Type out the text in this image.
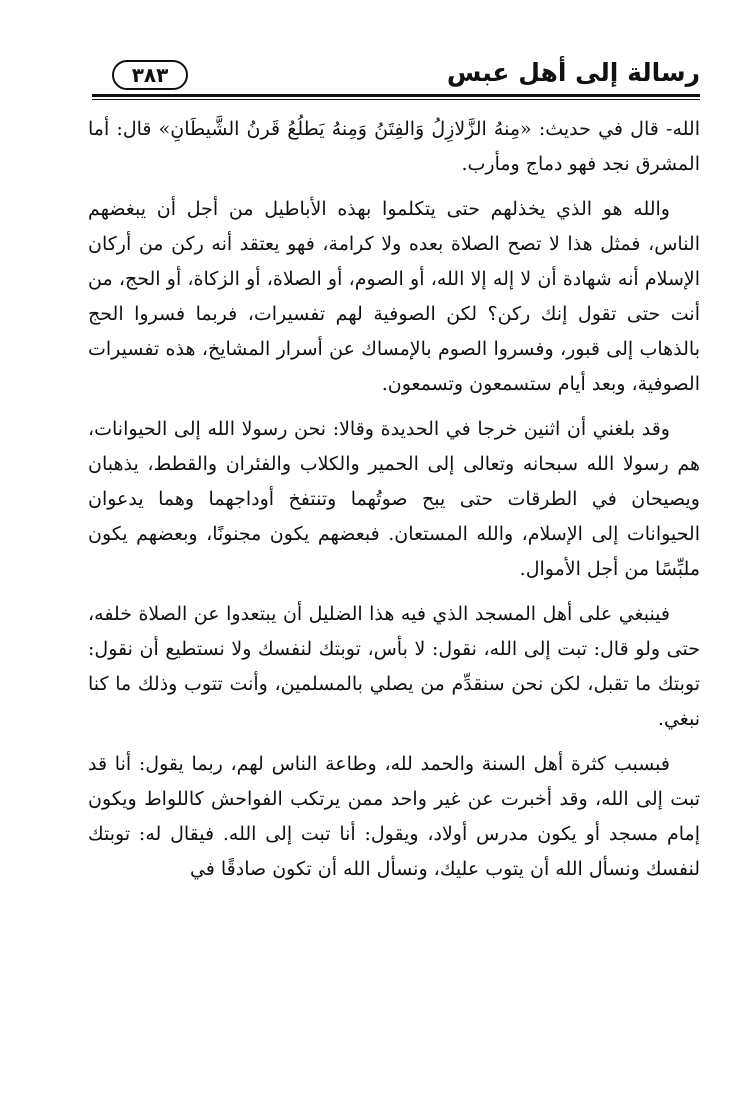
٣٨٣	رسالة إلى أهل عبس

الله- قال في حديث: «مِنهُ الزَّلازِلُ وَالفِتَنُ وَمِنهُ يَطلُعُ قَرنُ الشَّيطَانِ» قال: أما المشرق نجد فهو دماج ومأرب.

والله هو الذي يخذلهم حتى يتكلموا بهذه الأباطيل من أجل أن يبغضهم الناس، فمثل هذا لا تصح الصلاة بعده ولا كرامة، فهو يعتقد أنه ركن من أركان الإسلام أنه شهادة أن لا إله إلا الله، أو الصوم، أو الصلاة، أو الزكاة، أو الحج، من أنت حتى تقول إنك ركن؟ لكن الصوفية لهم تفسيرات، فربما فسروا الحج بالذهاب إلى قبور، وفسروا الصوم بالإمساك عن أسرار المشايخ، هذه تفسيرات الصوفية، وبعد أيام ستسمعون وتسمعون.

وقد بلغني أن اثنين خرجا في الحديدة وقالا: نحن رسولا الله إلى الحيوانات، هم رسولا الله سبحانه وتعالى إلى الحمير والكلاب والفئران والقطط، يذهبان ويصيحان في الطرقات حتى يبح صوتُهما وتنتفخ أوداجهما وهما يدعوان الحيوانات إلى الإسلام، والله المستعان. فبعضهم يكون مجنونًا، وبعضهم يكون ملبِّسًا من أجل الأموال.

فينبغي على أهل المسجد الذي فيه هذا الضليل أن يبتعدوا عن الصلاة خلفه، حتى ولو قال: تبت إلى الله، نقول: لا بأس، توبتك لنفسك ولا نستطيع أن نقول: توبتك ما تقبل، لكن نحن سنقدِّم من يصلي بالمسلمين، وأنت تتوب وذلك ما كنا نبغي.

فبسبب كثرة أهل السنة والحمد لله، وطاعة الناس لهم، ربما يقول: أنا قد تبت إلى الله، وقد أخبرت عن غير واحد ممن يرتكب الفواحش كاللواط ويكون إمام مسجد أو يكون مدرس أولاد، ويقول: أنا تبت إلى الله. فيقال له: توبتك لنفسك ونسأل الله أن يتوب عليك، ونسأل الله أن تكون صادقًا في
